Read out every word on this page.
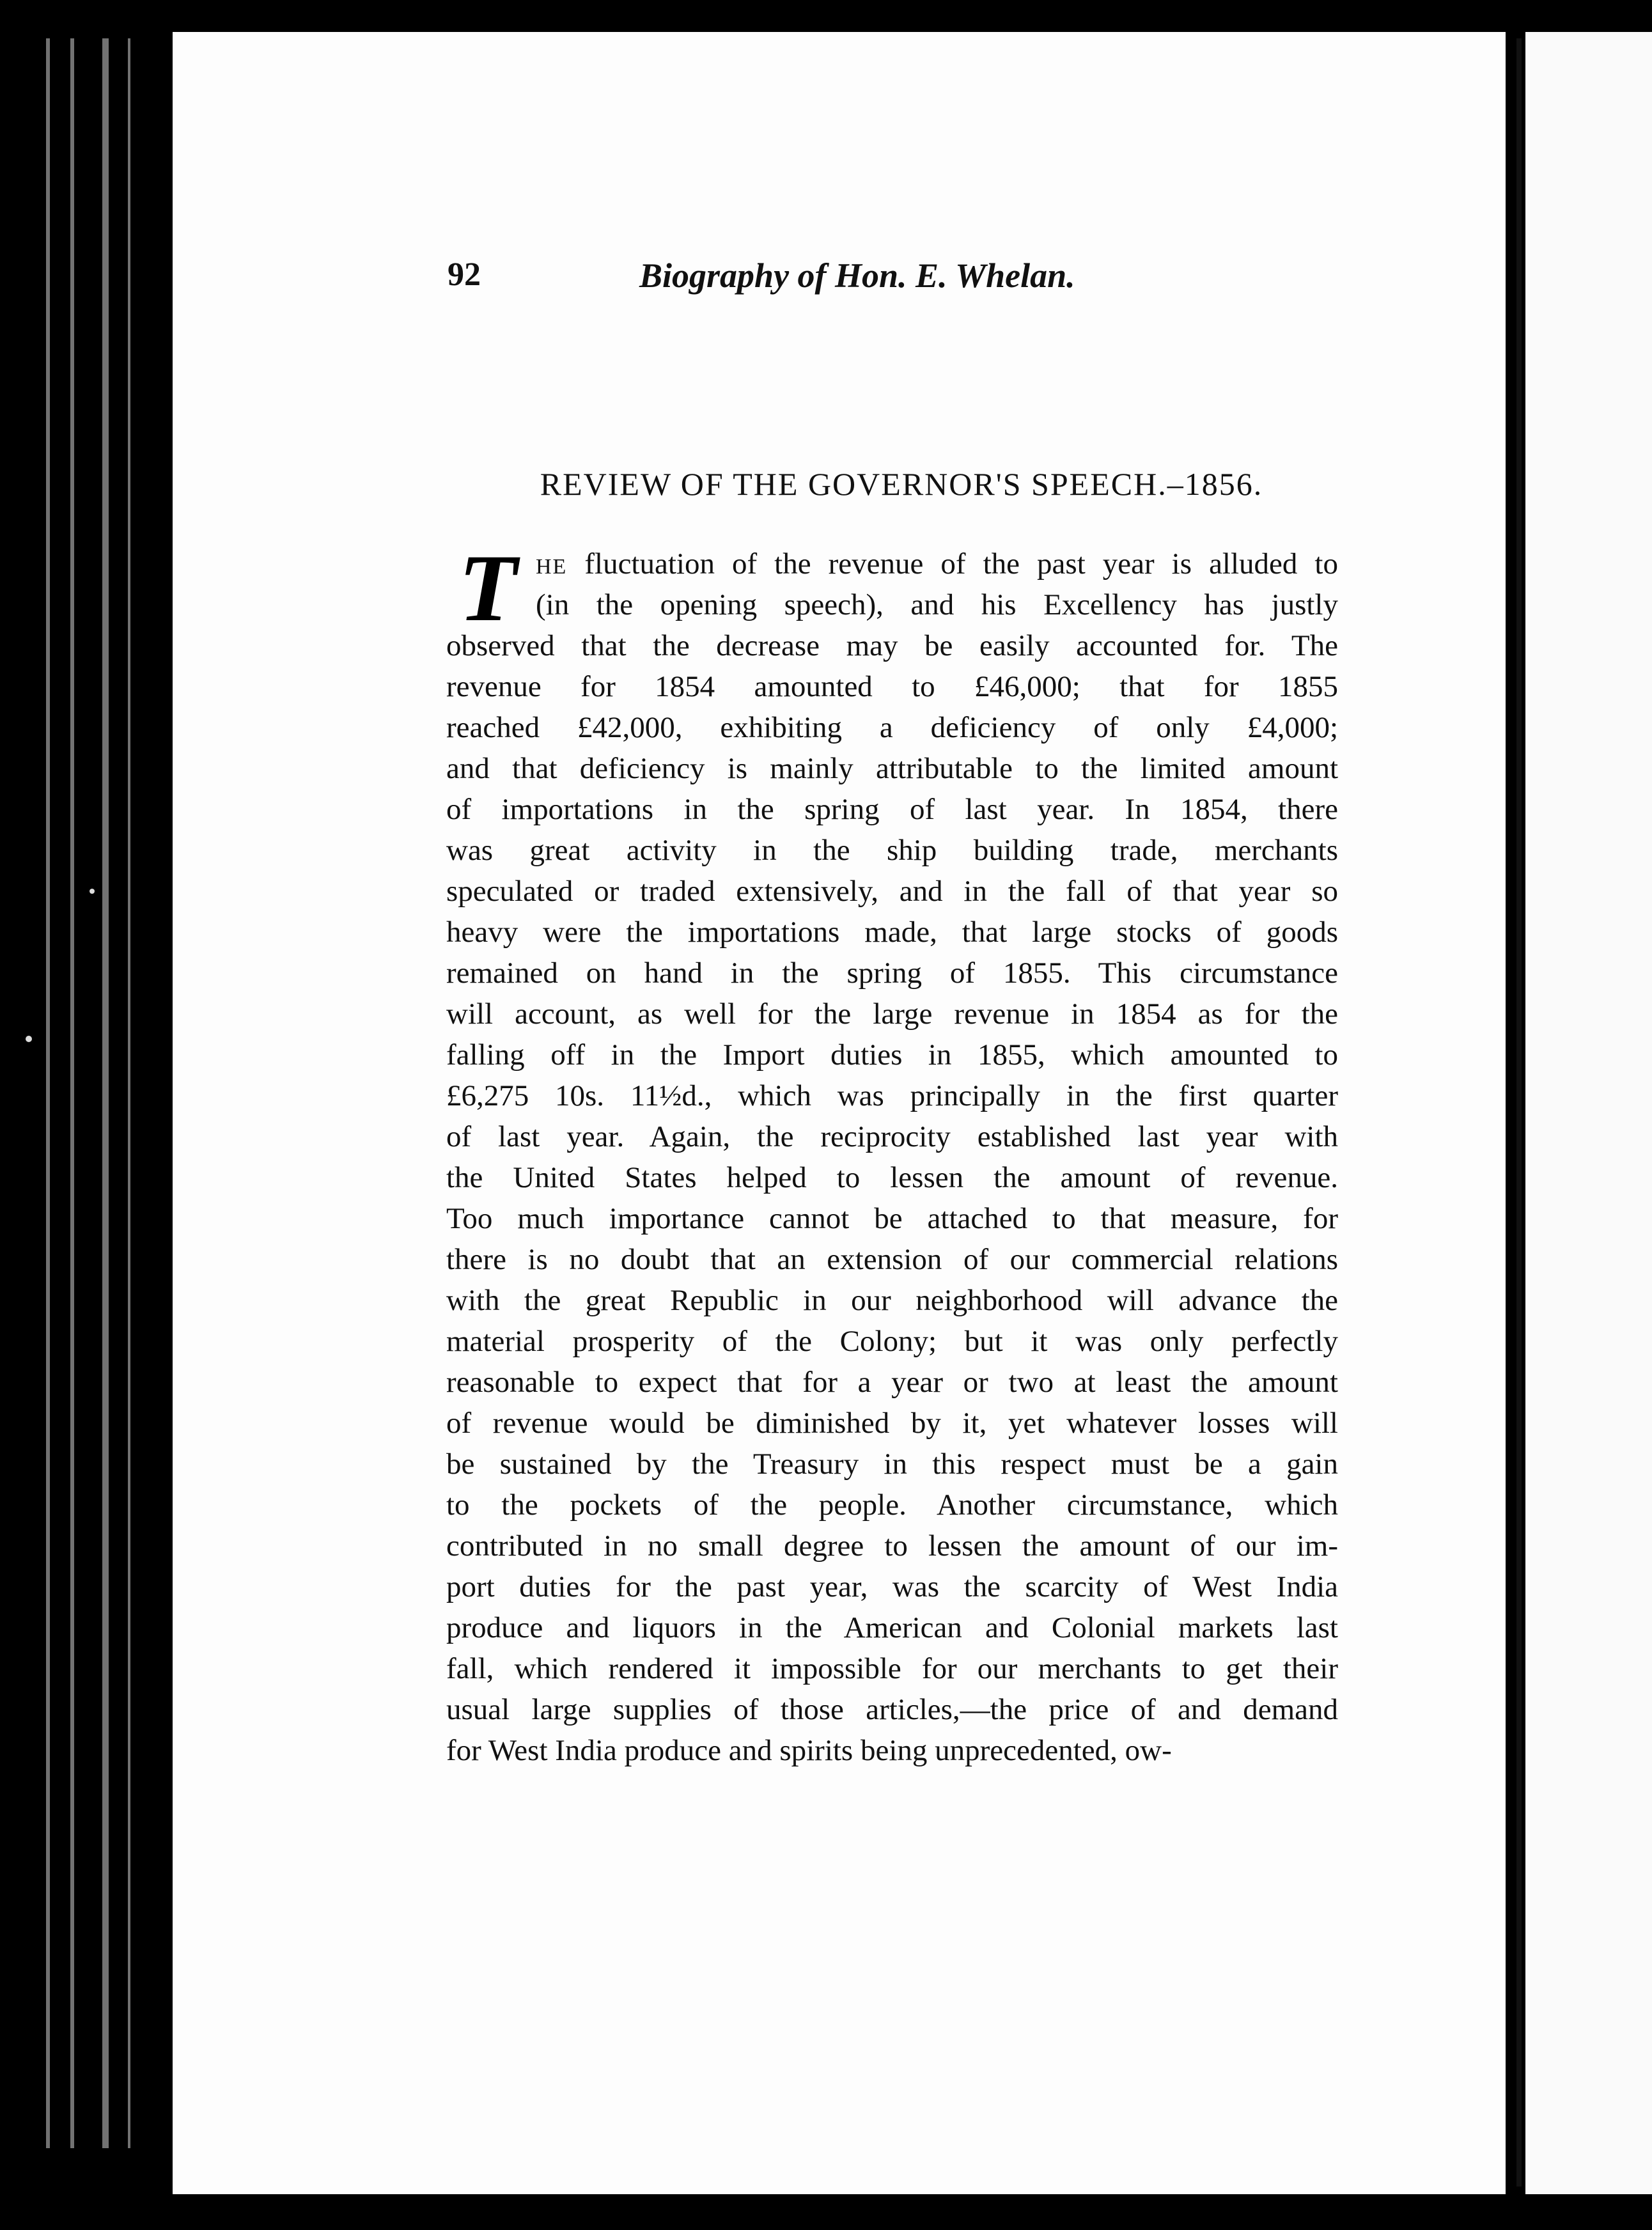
92	Biography of Hon. E. Whelan.
REVIEW OF THE GOVERNOR'S SPEECH.–1856.
T HE fluctuation of the revenue of the past year is alluded to
(in the opening speech), and his Excellency has justly
observed that the decrease may be easily accounted for. The
revenue for 1854 amounted to £46,000; that for 1855
reached £42,000, exhibiting a deficiency of only £4,000;
and that deficiency is mainly attributable to the limited amount
of importations in the spring of last year. In 1854, there
was great activity in the ship building trade, merchants
speculated or traded extensively, and in the fall of that year so
heavy were the importations made, that large stocks of goods
remained on hand in the spring of 1855. This circumstance
will account, as well for the large revenue in 1854 as for the
falling off in the Import duties in 1855, which amounted to
£6,275 10s. 11½d., which was principally in the first quarter
of last year. Again, the reciprocity established last year with
the United States helped to lessen the amount of revenue.
Too much importance cannot be attached to that measure, for
there is no doubt that an extension of our commercial relations
with the great Republic in our neighborhood will advance the
material prosperity of the Colony; but it was only perfectly
reasonable to expect that for a year or two at least the amount
of revenue would be diminished by it, yet whatever losses will
be sustained by the Treasury in this respect must be a gain
to the pockets of the people. Another circumstance, which
contributed in no small degree to lessen the amount of our im-
port duties for the past year, was the scarcity of West India
produce and liquors in the American and Colonial markets last
fall, which rendered it impossible for our merchants to get their
usual large supplies of those articles,—the price of and demand
for West India produce and spirits being unprecedented, ow-
